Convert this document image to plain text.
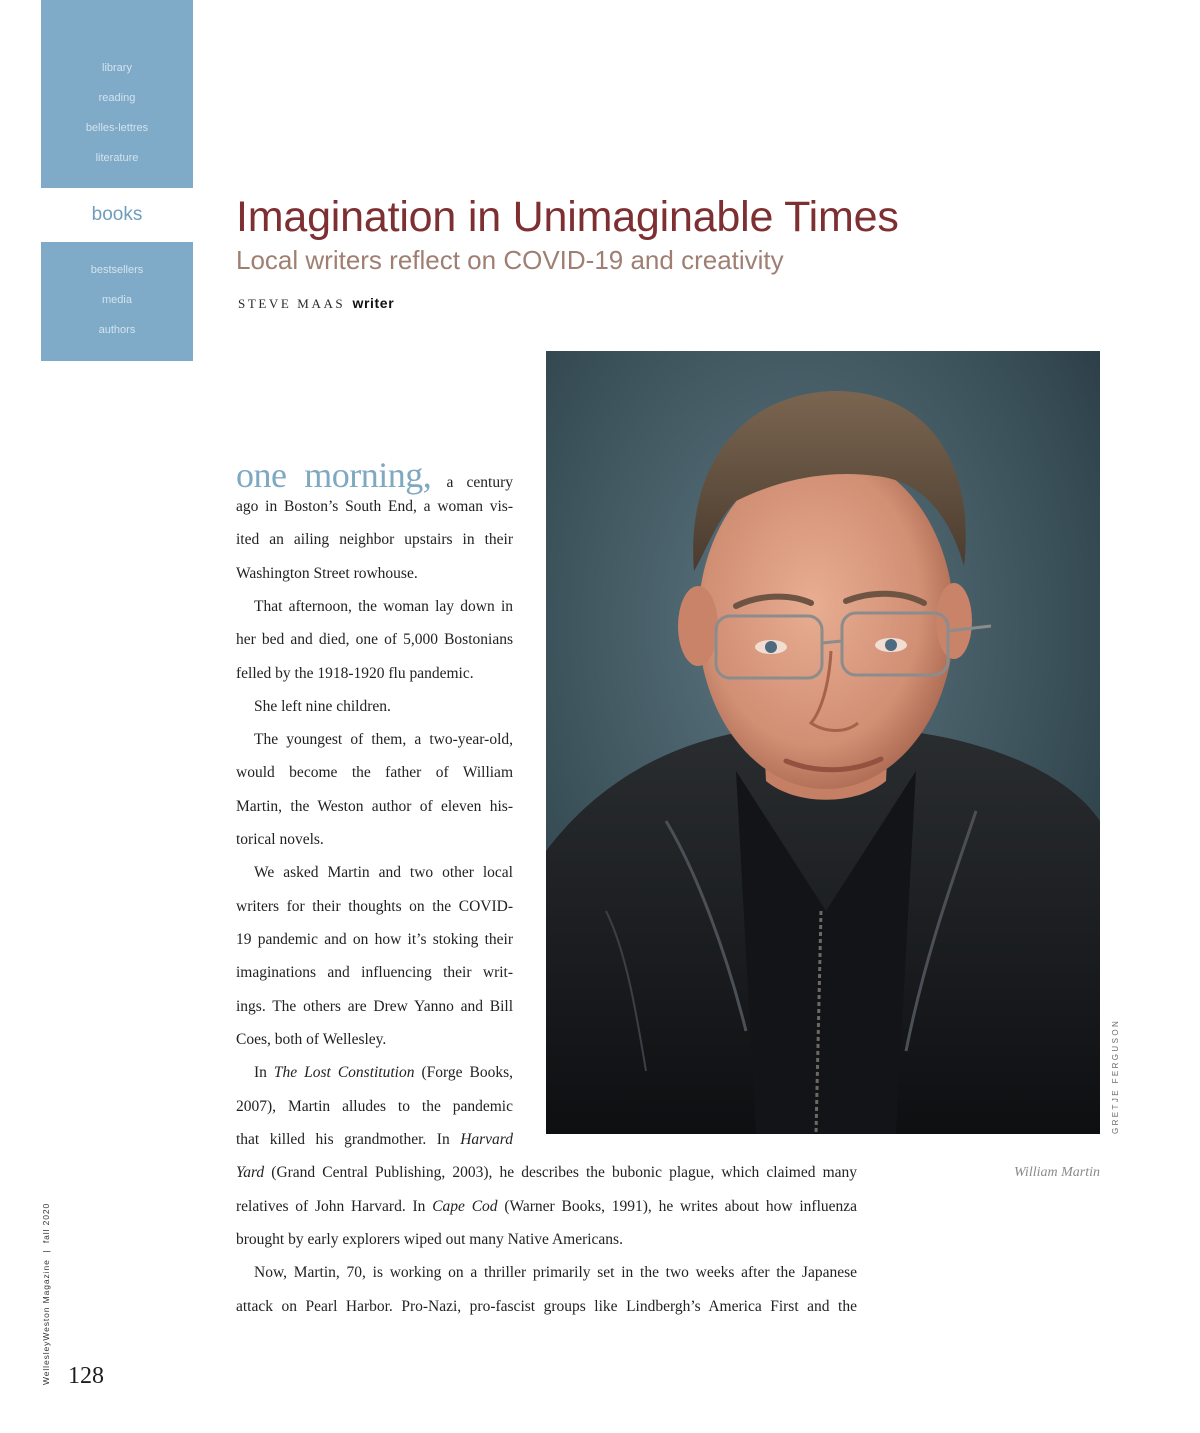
library
reading
belles-lettres
literature
books
bestsellers
media
authors
Imagination in Unimaginable Times
Local writers reflect on COVID-19 and creativity
STEVE MAAS writer
GRETJE FERGUSON
William Martin
one morning, a century
ago in Boston’s South End, a woman vis-
ited an ailing neighbor upstairs in their
Washington Street rowhouse.
That afternoon, the woman lay down in
her bed and died, one of 5,000 Bostonians
felled by the 1918-1920 flu pandemic.
She left nine children.
The youngest of them, a two-year-old,
would become the father of William
Martin, the Weston author of eleven his-
torical novels.
We asked Martin and two other local
writers for their thoughts on the COVID-
19 pandemic and on how it’s stoking their
imaginations and influencing their writ-
ings. The others are Drew Yanno and Bill
Coes, both of Wellesley.
In The Lost Constitution (Forge Books,
2007), Martin alludes to the pandemic
that killed his grandmother. In Harvard
Yard (Grand Central Publishing, 2003), he describes the bubonic plague, which claimed many
relatives of John Harvard. In Cape Cod (Warner Books, 1991), he writes about how influenza
brought by early explorers wiped out many Native Americans.
Now, Martin, 70, is working on a thriller primarily set in the two weeks after the Japanese
attack on Pearl Harbor. Pro-Nazi, pro-fascist groups like Lindbergh’s America First and the
WellesleyWeston Magazine  |  fall 2020
128
